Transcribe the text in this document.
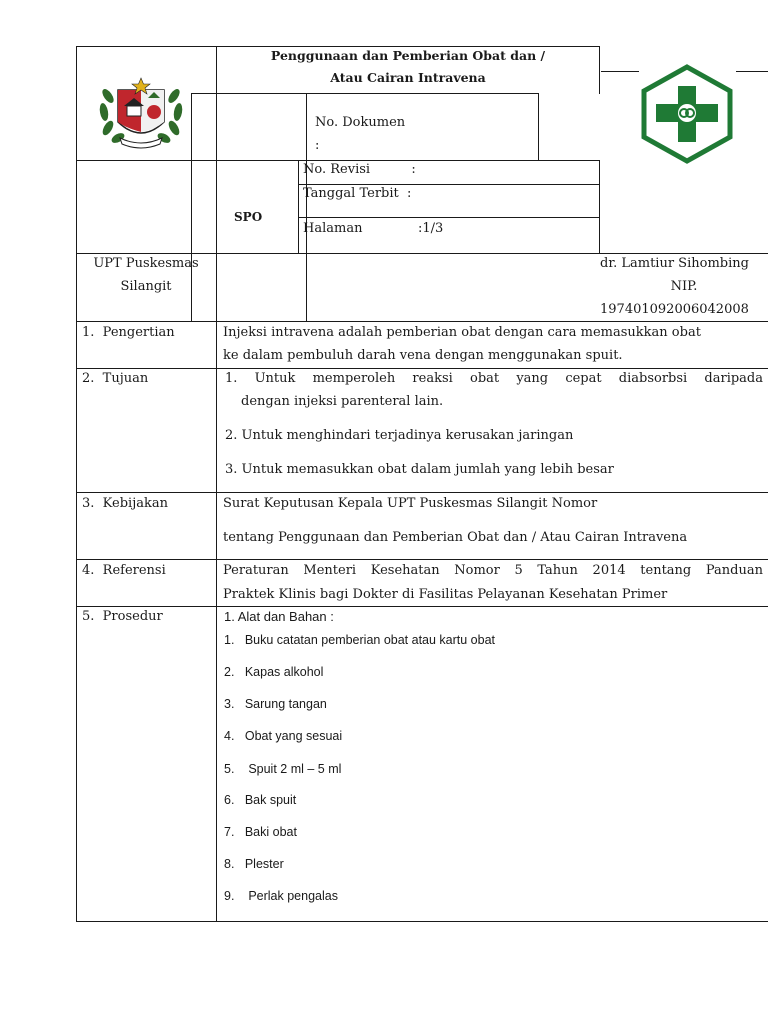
Penggunaan dan Pemberian Obat dan /
Atau Cairan Intravena
No. Dokumen
:
No. Revisi          :
Tanggal Terbit  :
Halaman	:1/3
SPO
UPT Puskesmas
Silangit
dr. Lamtiur Sihombing
NIP.
197401092006042008
1.  Pengertian	Injeksi intravena adalah pemberian obat dengan cara memasukkan obat
ke dalam pembuluh darah vena dengan menggunakan spuit.
2.  Tujuan	1. Untuk memperoleh reaksi obat yang cepat diabsorbsi daripada
dengan injeksi parenteral lain.
2. Untuk menghindari terjadinya kerusakan jaringan
3. Untuk memasukkan obat dalam jumlah yang lebih besar
3.  Kebijakan	Surat Keputusan Kepala UPT Puskesmas Silangit Nomor
tentang Penggunaan dan Pemberian Obat dan / Atau Cairan Intravena
4.  Referensi	Peraturan Menteri Kesehatan Nomor 5 Tahun 2014 tentang Panduan
Praktek Klinis bagi Dokter di Fasilitas Pelayanan Kesehatan Primer
5.  Prosedur	1. Alat dan Bahan :
1.   Buku catatan pemberian obat atau kartu obat
2.   Kapas alkohol
3.   Sarung tangan
4.   Obat yang sesuai
5.    Spuit 2 ml – 5 ml
6.   Bak spuit
7.   Baki obat
8.   Plester
9.    Perlak pengalas
